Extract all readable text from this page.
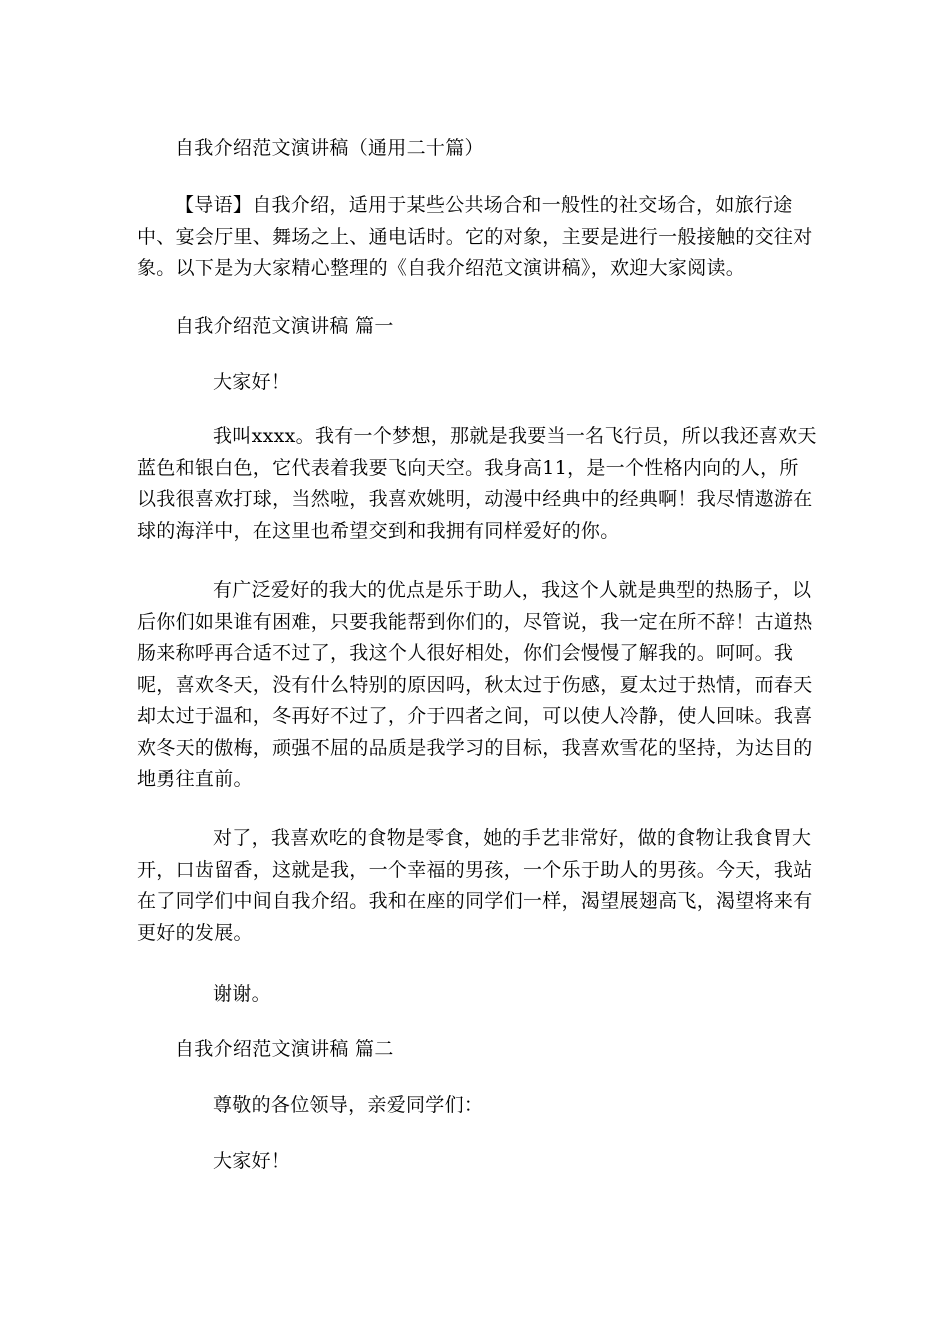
自我介绍范文演讲稿（通用二十篇）

【导语】自我介绍，适用于某些公共场合和一般性的社交场合，如旅行途中、宴会厅里、舞场之上、通电话时。它的对象，主要是进行一般接触的交往对象。以下是为大家精心整理的《自我介绍范文演讲稿》，欢迎大家阅读。

自我介绍范文演讲稿 篇一

大家好！

我叫xxxx。我有一个梦想，那就是我要当一名飞行员，所以我还喜欢天蓝色和银白色，它代表着我要飞向天空。我身高11，是一个性格内向的人，所以我很喜欢打球，当然啦，我喜欢姚明，动漫中经典中的经典啊！我尽情遨游在球的海洋中，在这里也希望交到和我拥有同样爱好的你。

有广泛爱好的我大的优点是乐于助人，我这个人就是典型的热肠子，以后你们如果谁有困难，只要我能帮到你们的，尽管说，我一定在所不辞！古道热肠来称呼再合适不过了，我这个人很好相处，你们会慢慢了解我的。呵呵。我呢，喜欢冬天，没有什么特别的原因吗，秋太过于伤感，夏太过于热情，而春天却太过于温和，冬再好不过了，介于四者之间，可以使人冷静，使人回味。我喜欢冬天的傲梅，顽强不屈的品质是我学习的目标，我喜欢雪花的坚持，为达目的地勇往直前。

对了，我喜欢吃的食物是零食，她的手艺非常好，做的食物让我食胃大开，口齿留香，这就是我，一个幸福的男孩，一个乐于助人的男孩。今天，我站在了同学们中间自我介绍。我和在座的同学们一样，渴望展翅高飞，渴望将来有更好的发展。

谢谢。

自我介绍范文演讲稿 篇二

尊敬的各位领导，亲爱同学们：

大家好！
